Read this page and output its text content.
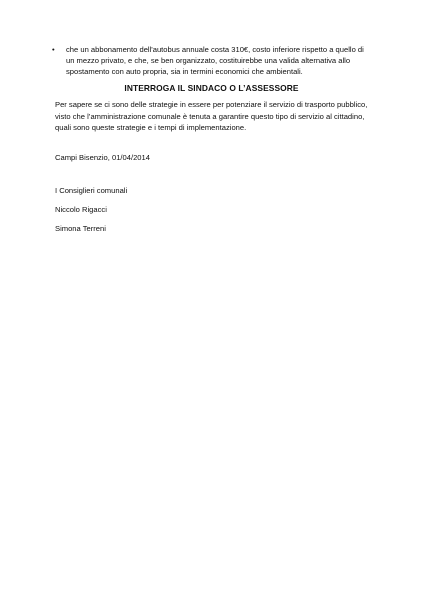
•	che un abbonamento dell'autobus annuale costa 310€, costo inferiore rispetto a quello di
un mezzo privato, e che, se ben organizzato, costituirebbe una valida alternativa allo
spostamento con auto propria, sia in termini economici che ambientali.
INTERROGA IL SINDACO O L’ASSESSORE
Per sapere se ci sono delle strategie in essere per potenziare il servizio di trasporto pubblico,
visto che l’amministrazione comunale è tenuta a garantire questo tipo di servizio al cittadino,
quali sono queste strategie e i tempi di implementazione.
Campi Bisenzio, 01/04/2014
I Consiglieri comunali
Niccolo Rigacci
Simona Terreni
